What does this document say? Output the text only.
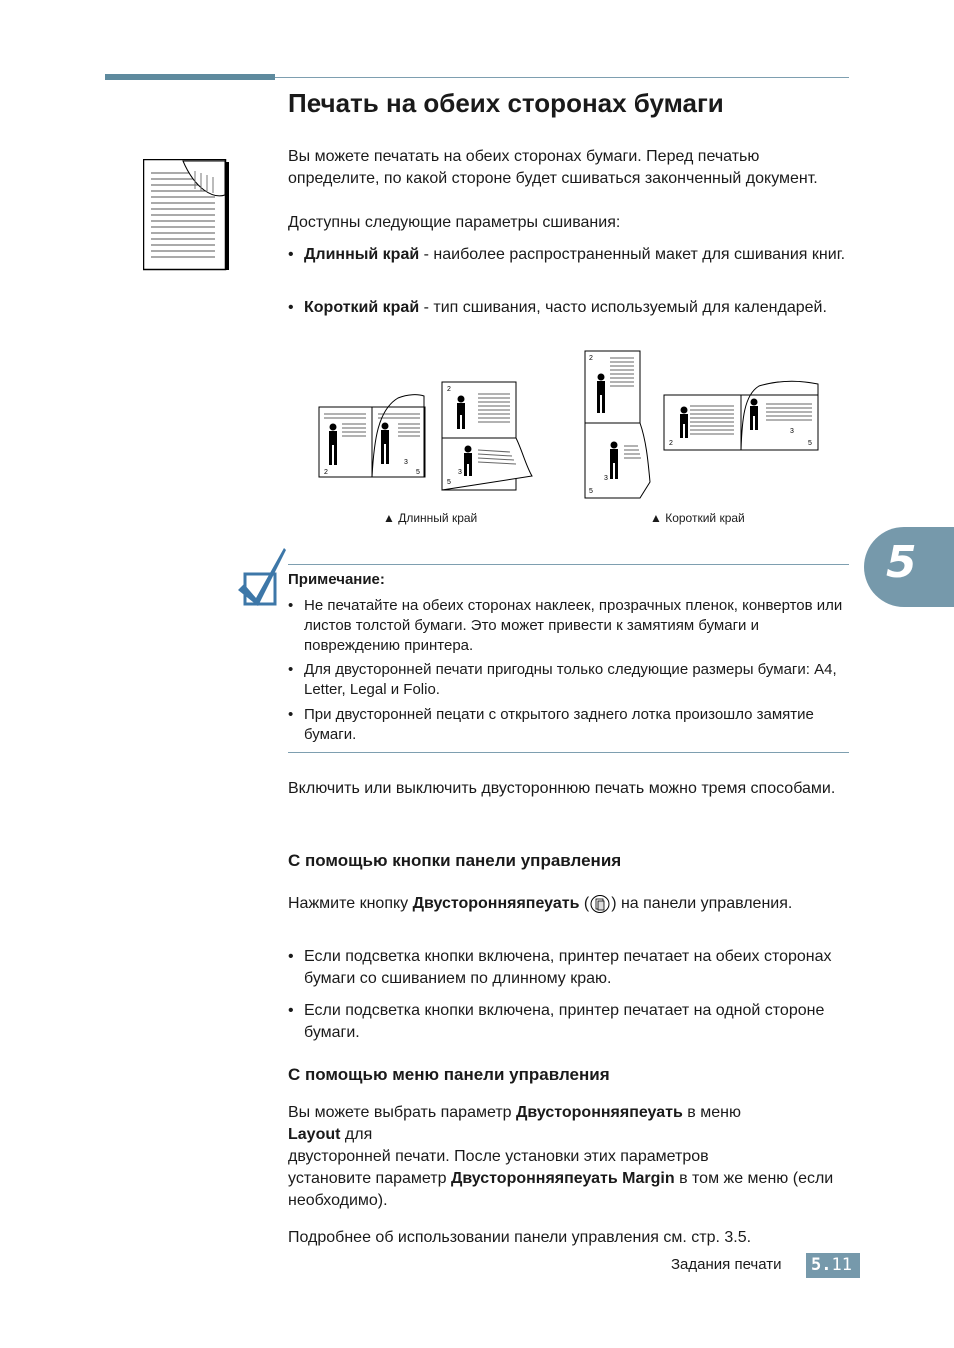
Печать на обеих сторонах бумаги

Вы можете печатать на обеих сторонах бумаги. Перед печатью определите, по какой стороне будет сшиваться законченный документ.

Доступны следующие параметры сшивания:

• Длинный край - наиболее распространенный макет для сшивания книг.
• Короткий край - тип сшивания, часто используемый для календарей.
2
3
5
2
3
5
▲ Длинный край
2
3
5
2
3
5
▲ Короткий край
5

Примечание:

• Не печатайте на обеих сторонах наклеек, прозрачных пленок, конвертов или листов толстой бумаги. Это может привести к замятиям бумаги и повреждению принтера.
• Для двусторонней печати пригодны только следующие размеры бумаги: A4, Letter, Legal и Folio.
• При двусторонней пецати с открытого заднего лотка произошло замятие бумаги.

Включить или выключить двустороннюю печать можно тремя способами.

С помощью кнопки панели управления

Нажмите кнопку Двусторонняяпеуать ( ) на панели управления.

• Если подсветка кнопки включена, принтер печатает на обеих сторонах бумаги со сшиванием по длинному краю.
• Если подсветка кнопки включена, принтер печатает на одной стороне бумаги.
С помощью меню панели управления

Вы можете выбрать параметр Двусторонняяпеуать в меню

Layout для

двусторонней печати. После установки этих параметров

установите параметр Двусторонняяпеуать Margin в том же меню (если необходимо).

Подробнее об использовании панели управления см. стр. 3.5.

Задания печати 5.11
